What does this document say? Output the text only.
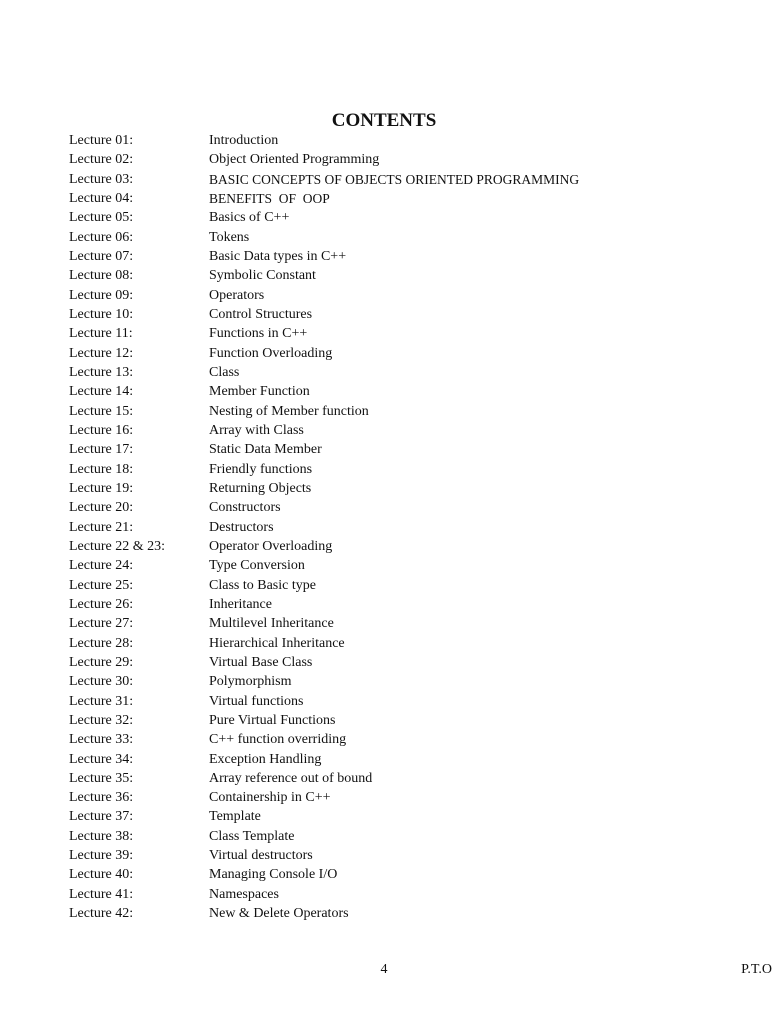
CONTENTS
Lecture 01:	Introduction
Lecture 02:	Object Oriented Programming
Lecture 03:	BASIC CONCEPTS OF OBJECTS ORIENTED PROGRAMMING
Lecture 04:	BENEFITS  OF  OOP
Lecture 05:	Basics of C++
Lecture 06:	Tokens
Lecture 07:	Basic Data types in C++
Lecture 08:	Symbolic Constant
Lecture 09:	Operators
Lecture 10:	Control Structures
Lecture 11:	Functions in C++
Lecture 12:	Function Overloading
Lecture 13:	Class
Lecture 14:	Member Function
Lecture 15:	Nesting of Member function
Lecture 16:	Array with Class
Lecture 17:	Static Data Member
Lecture 18:	Friendly functions
Lecture 19:	Returning Objects
Lecture 20:	Constructors
Lecture 21:	Destructors
Lecture 22 & 23:	Operator Overloading
Lecture 24:	Type Conversion
Lecture 25:	Class to Basic type
Lecture 26:	Inheritance
Lecture 27:	Multilevel Inheritance
Lecture 28:	Hierarchical Inheritance
Lecture 29:	Virtual Base Class
Lecture 30:	Polymorphism
Lecture 31:	Virtual functions
Lecture 32:	Pure Virtual Functions
Lecture 33:	C++ function overriding
Lecture 34:	Exception Handling
Lecture 35:	Array reference out of bound
Lecture 36:	Containership in C++
Lecture 37:	Template
Lecture 38:	Class Template
Lecture 39:	Virtual destructors
Lecture 40:	Managing Console I/O
Lecture 41:	Namespaces
Lecture 42:	New & Delete Operators
4	P.T.O
